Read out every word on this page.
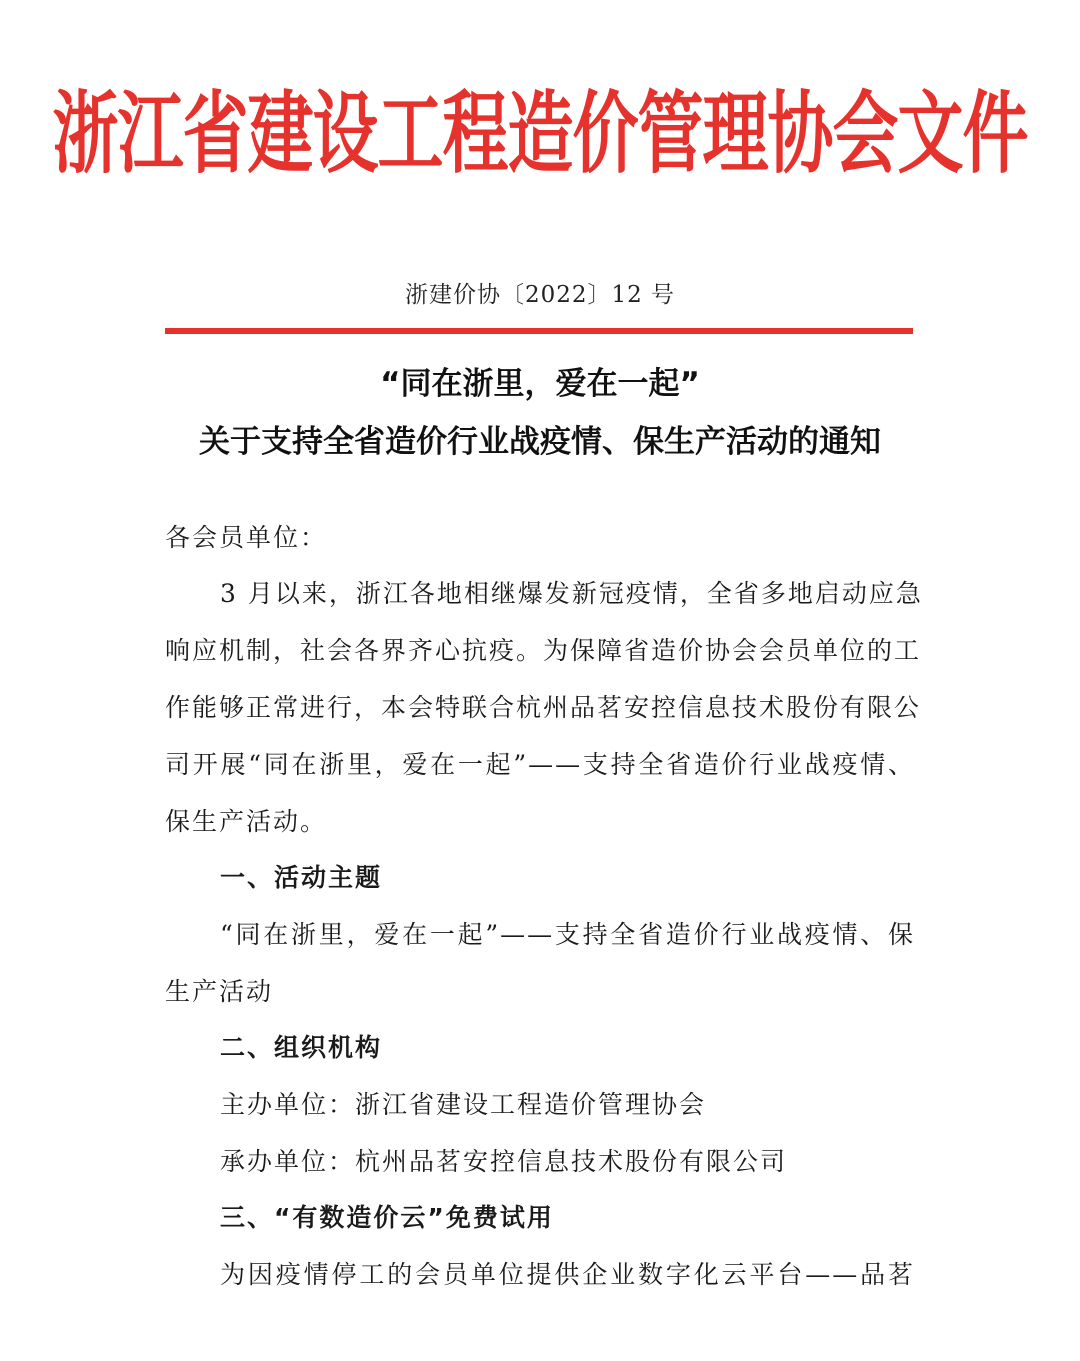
浙江省建设工程造价管理协会文件
浙建价协〔2022〕12 号
“同在浙里，爱在一起”
关于支持全省造价行业战疫情、保生产活动的通知
各会员单位：
3 月以来，浙江各地相继爆发新冠疫情，全省多地启动应急
响应机制，社会各界齐心抗疫。为保障省造价协会会员单位的工
作能够正常进行，本会特联合杭州品茗安控信息技术股份有限公
司开展“同在浙里，爱在一起”——支持全省造价行业战疫情、
保生产活动。
一、活动主题
“同在浙里，爱在一起”——支持全省造价行业战疫情、保
生产活动
二、组织机构
主办单位：浙江省建设工程造价管理协会
承办单位：杭州品茗安控信息技术股份有限公司
三、“有数造价云”免费试用
为因疫情停工的会员单位提供企业数字化云平台——品茗
